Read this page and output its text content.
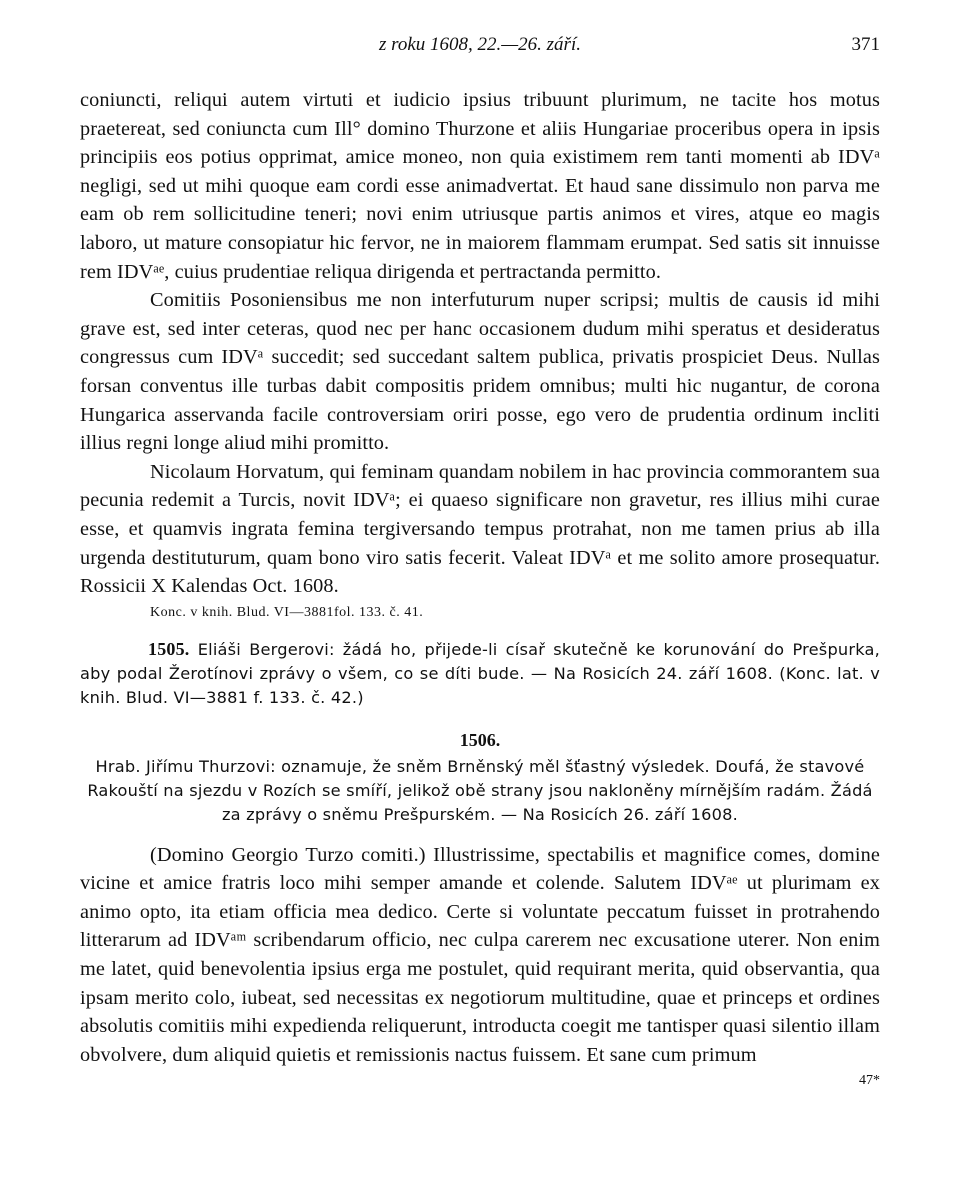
z roku 1608, 22.—26. září.	371

coniuncti, reliqui autem virtuti et iudicio ipsius tribuunt plurimum, ne tacite hos motus praetereat, sed coniuncta cum Ill° domino Thurzone et aliis Hungariae proceribus opera in ipsis principiis eos potius opprimat, amice moneo, non quia existimem rem tanti momenti ab IDVᵃ negligi, sed ut mihi quoque eam cordi esse animadvertat. Et haud sane dissimulo non parva me eam ob rem sollicitudine teneri; novi enim utriusque partis animos et vires, atque eo magis laboro, ut mature consopiatur hic fervor, ne in maiorem flammam erumpat. Sed satis sit innuisse rem IDVᵃᵉ, cuius prudentiae reliqua dirigenda et pertractanda permitto.

Comitiis Posoniensibus me non interfuturum nuper scripsi; multis de causis id mihi grave est, sed inter ceteras, quod nec per hanc occasionem dudum mihi speratus et desideratus congressus cum IDVᵃ succedit; sed succedant saltem publica, privatis prospiciet Deus. Nullas forsan conventus ille turbas dabit compositis pridem omnibus; multi hic nugantur, de corona Hungarica asservanda facile controversiam oriri posse, ego vero de prudentia ordinum incliti illius regni longe aliud mihi promitto.

Nicolaum Horvatum, qui feminam quandam nobilem in hac provincia commorantem sua pecunia redemit a Turcis, novit IDVᵃ; ei quaeso significare non gravetur, res illius mihi curae esse, et quamvis ingrata femina tergiversando tempus protrahat, non me tamen prius ab illa urgenda destituturum, quam bono viro satis fecerit. Valeat IDVᵃ et me solito amore prosequatur. Rossicii X Kalendas Oct. 1608.

Konc. v knih. Blud. VI—3881fol. 133. č. 41.

1505. Eliáši Bergerovi: žádá ho, přijede-li císař skutečně ke korunování do Prešpurka, aby podal Žerotínovi zprávy o všem, co se díti bude. — Na Rosicích 24. září 1608. (Konc. lat. v knih. Blud. VI—3881 f. 133. č. 42.)

1506.

Hrab. Jiřímu Thurzovi: oznamuje, že sněm Brněnský měl šťastný výsledek. Doufá, že stavové Rakouští na sjezdu v Rozích se smíří, jelikož obě strany jsou nakloněny mírnějším radám. Žádá za zprávy o sněmu Prešpurském. — Na Rosicích 26. září 1608.

(Domino Georgio Turzo comiti.) Illustrissime, spectabilis et magnifice comes, domine vicine et amice fratris loco mihi semper amande et colende. Salutem IDVᵃᵉ ut plurimam ex animo opto, ita etiam officia mea dedico. Certe si voluntate peccatum fuisset in protrahendo litterarum ad IDVᵃᵐ scribendarum officio, nec culpa carerem nec excusatione uterer. Non enim me latet, quid benevolentia ipsius erga me postulet, quid requirant merita, quid observantia, qua ipsam merito colo, iubeat, sed necessitas ex negotiorum multitudine, quae et princeps et ordines absolutis comitiis mihi expedienda reliquerunt, introducta coegit me tantisper quasi silentio illam obvolvere, dum aliquid quietis et remissionis nactus fuissem. Et sane cum primum

47*
